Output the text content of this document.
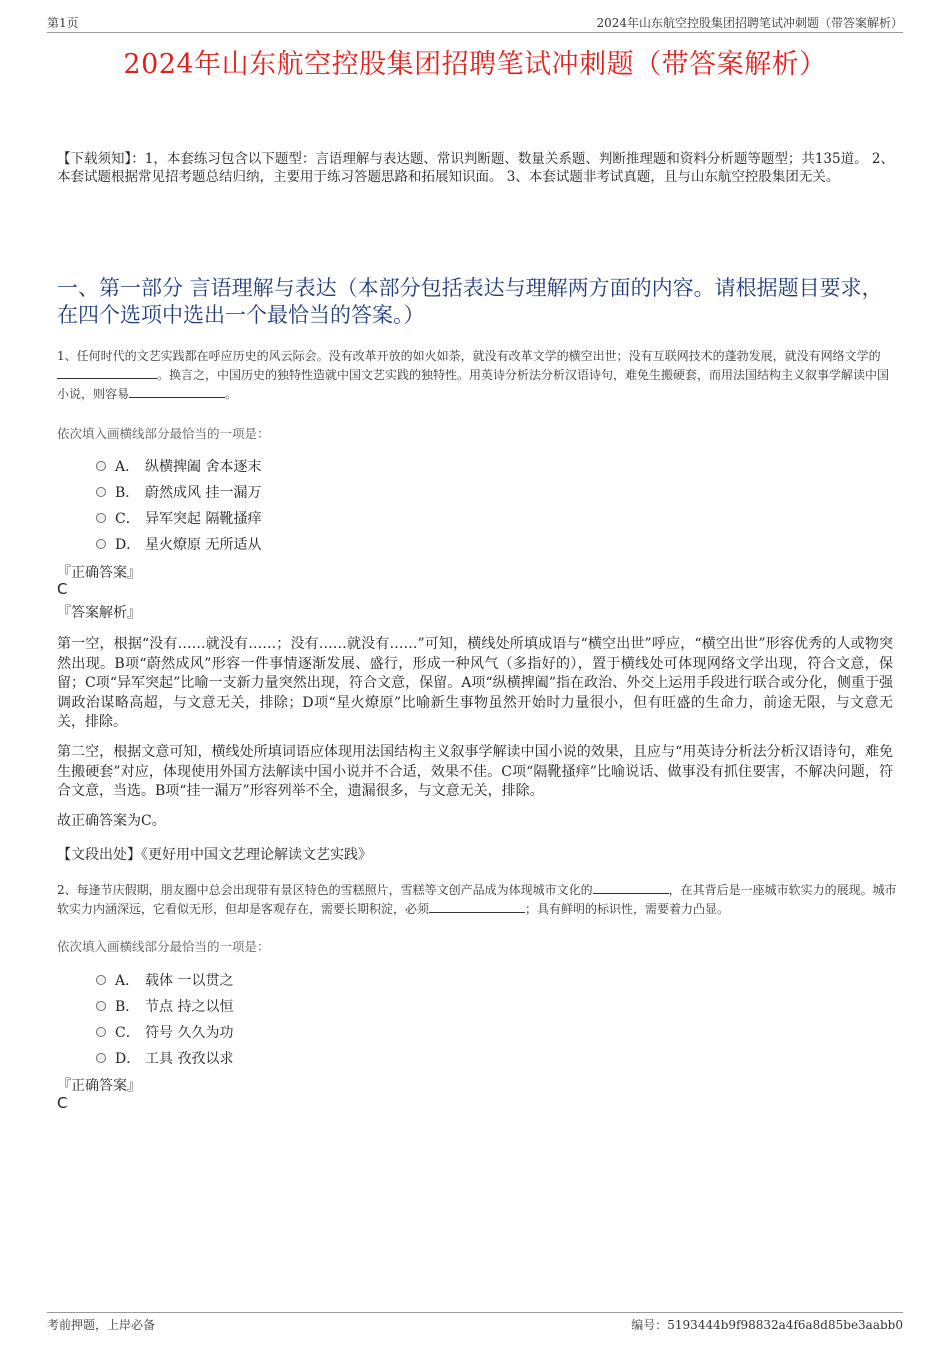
第1页	2024年山东航空控股集团招聘笔试冲刺题（带答案解析）
2024年山东航空控股集团招聘笔试冲刺题（带答案解析）
【下载须知】：1，本套练习包含以下题型：言语理解与表达题、常识判断题、数量关系题、判断推理题和资料分析题等题型；共135道。 2、本套试题根据常见招考题总结归纳，主要用于练习答题思路和拓展知识面。 3、本套试题非考试真题，且与山东航空控股集团无关。
一、第一部分 言语理解与表达（本部分包括表达与理解两方面的内容。请根据题目要求，在四个选项中选出一个最恰当的答案。）
1、任何时代的文艺实践都在呼应历史的风云际会。没有改革开放的如火如荼，就没有改革文学的横空出世；没有互联网技术的蓬勃发展，就没有网络文学的。换言之，中国历史的独特性造就中国文艺实践的独特性。用英诗分析法分析汉语诗句，难免生搬硬套，而用法国结构主义叙事学解读中国小说，则容易	。
依次填入画横线部分最恰当的一项是：
A． 纵横捭阖 舍本逐末
B． 蔚然成风 挂一漏万
C． 异军突起 隔靴搔痒
D． 星火燎原 无所适从
『正确答案』
C
『答案解析』
第一空，根据“没有……就没有……；没有……就没有……”可知，横线处所填成语与“横空出世”呼应，“横空出世”形容优秀的人或物突然出现。B项“蔚然成风”形容一件事情逐渐发展、盛行，形成一种风气（多指好的），置于横线处可体现网络文学出现，符合文意，保留；C项“异军突起”比喻一支新力量突然出现，符合文意，保留。A项“纵横捭阖”指在政治、外交上运用手段进行联合或分化，侧重于强调政治谋略高超，与文意无关，排除；D项“星火燎原”比喻新生事物虽然开始时力量很小，但有旺盛的生命力，前途无限，与文意无关，排除。
第二空，根据文意可知，横线处所填词语应体现用法国结构主义叙事学解读中国小说的效果，且应与“用英诗分析法分析汉语诗句，难免生搬硬套”对应，体现使用外国方法解读中国小说并不合适，效果不佳。C项“隔靴搔痒”比喻说话、做事没有抓住要害，不解决问题，符合文意，当选。B项“挂一漏万”形容列举不全，遗漏很多，与文意无关，排除。
故正确答案为C。
【文段出处】《更好用中国文艺理论解读文艺实践》
2、每逢节庆假期，朋友圈中总会出现带有景区特色的雪糕照片，雪糕等文创产品成为体现城市文化的	，在其背后是一座城市软实力的展现。城市软实力内涵深远，它看似无形，但却是客观存在，需要长期积淀，必须	；具有鲜明的标识性，需要着力凸显。
依次填入画横线部分最恰当的一项是：
A． 载体 一以贯之
B． 节点 持之以恒
C． 符号 久久为功
D． 工具 孜孜以求
『正确答案』
C
考前押题，上岸必备	编号：5193444b9f98832a4f6a8d85be3aabb0
